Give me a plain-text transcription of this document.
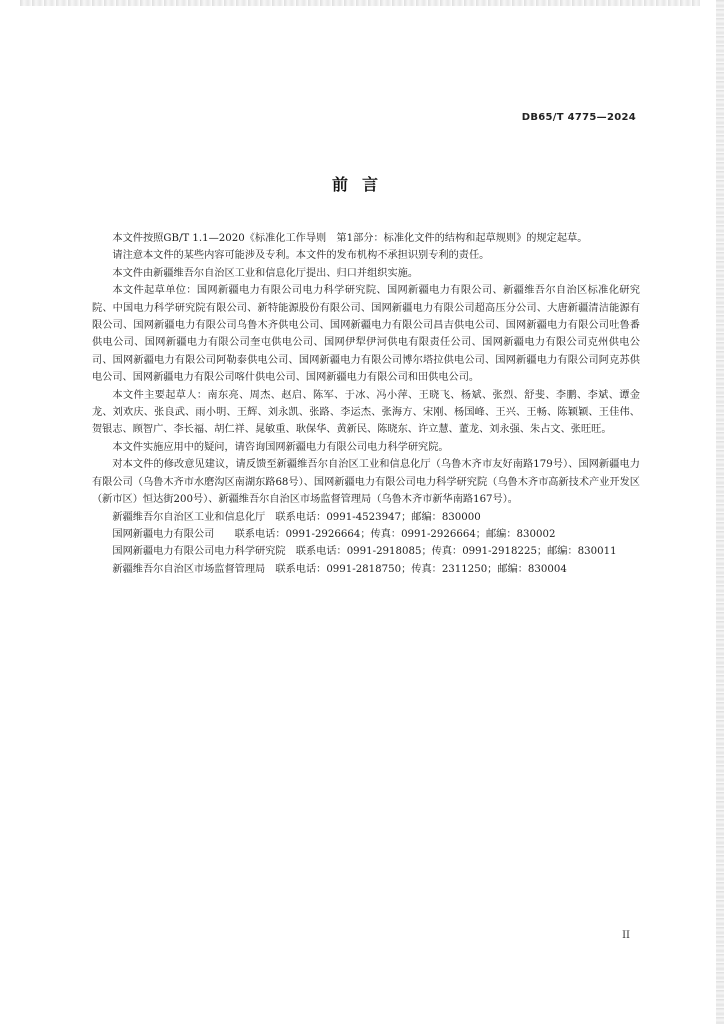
DB65/T 4775—2024
前言

本文件按照GB/T 1.1—2020《标准化工作导则　第1部分：标准化文件的结构和起草规则》的规定起草。

请注意本文件的某些内容可能涉及专利。本文件的发布机构不承担识别专利的责任。

本文件由新疆维吾尔自治区工业和信息化厅提出、归口并组织实施。

本文件起草单位：国网新疆电力有限公司电力科学研究院、国网新疆电力有限公司、新疆维吾尔自治区标准化研究院、中国电力科学研究院有限公司、新特能源股份有限公司、国网新疆电力有限公司超高压分公司、大唐新疆清洁能源有限公司、国网新疆电力有限公司乌鲁木齐供电公司、国网新疆电力有限公司昌吉供电公司、国网新疆电力有限公司吐鲁番供电公司、国网新疆电力有限公司奎屯供电公司、国网伊犁伊河供电有限责任公司、国网新疆电力有限公司克州供电公司、国网新疆电力有限公司阿勒泰供电公司、国网新疆电力有限公司博尔塔拉供电公司、国网新疆电力有限公司阿克苏供电公司、国网新疆电力有限公司喀什供电公司、国网新疆电力有限公司和田供电公司。

本文件主要起草人：南东亮、周杰、赵启、陈军、于冰、冯小萍、王晓飞、杨斌、张烈、舒斐、李鹏、李斌、谭金龙、刘欢庆、张良武、雨小明、王辉、刘永凯、张路、李运杰、张海方、宋刚、杨国峰、王兴、王畅、陈颖颖、王佳伟、贺银志、顾智广、李长福、胡仁祥、晁敏重、耿保华、黄新民、陈晓东、许立慧、董龙、刘永强、朱占文、张旺旺。

本文件实施应用中的疑问，请咨询国网新疆电力有限公司电力科学研究院。

对本文件的修改意见建议，请反馈至新疆维吾尔自治区工业和信息化厅（乌鲁木齐市友好南路179号）、国网新疆电力有限公司（乌鲁木齐市水磨沟区南湖东路68号）、国网新疆电力有限公司电力科学研究院（乌鲁木齐市高新技术产业开发区（新市区）恒达街200号）、新疆维吾尔自治区市场监督管理局（乌鲁木齐市新华南路167号）。

新疆维吾尔自治区工业和信息化厅　联系电话：0991-4523947；邮编：830000
国网新疆电力有限公司　　联系电话：0991-2926664；传真：0991-2926664；邮编：830002
国网新疆电力有限公司电力科学研究院　联系电话：0991-2918085；传真：0991-2918225；邮编：830011
新疆维吾尔自治区市场监督管理局　联系电话：0991-2818750；传真：2311250；邮编：830004
II
